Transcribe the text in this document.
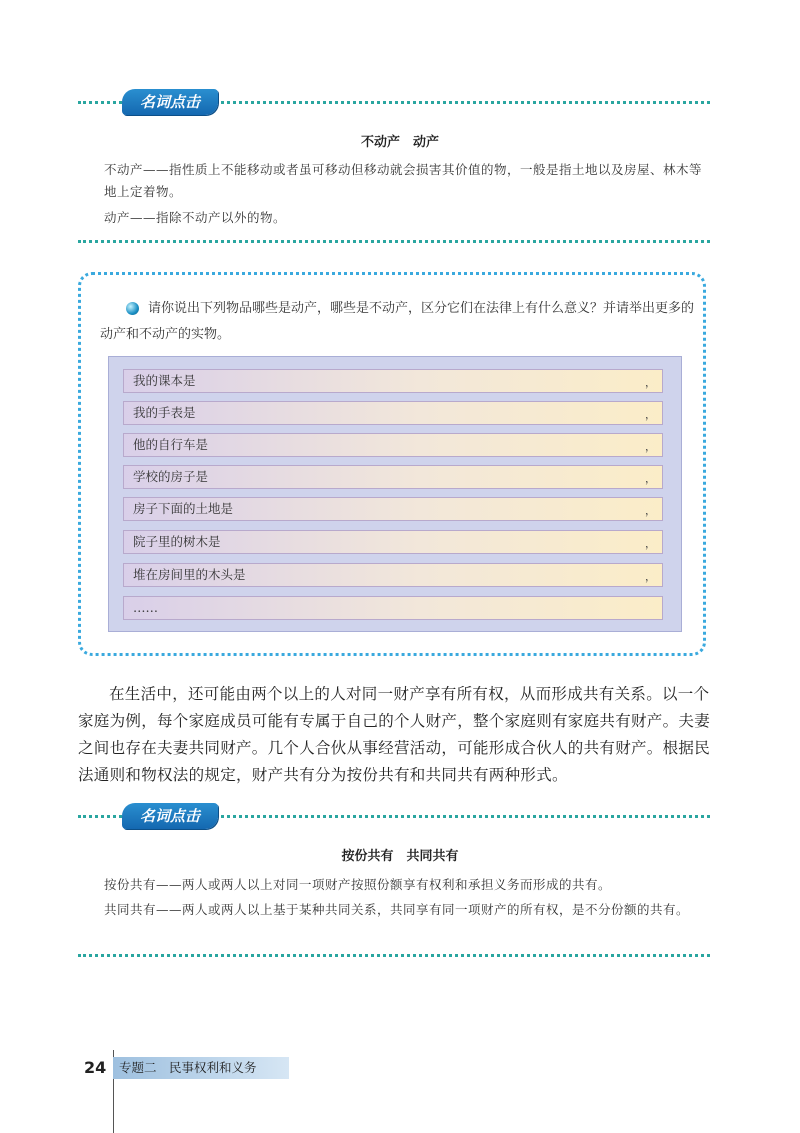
名词点击
不动产　动产
不动产——指性质上不能移动或者虽可移动但移动就会损害其价值的物，一般是指土地以及房屋、林木等地上定着物。
动产——指除不动产以外的物。
请你说出下列物品哪些是动产，哪些是不动产，区分它们在法律上有什么意义？并请举出更多的动产和不动产的实物。
我的课本是	，
我的手表是	，
他的自行车是	，
学校的房子是	，
房子下面的土地是	，
院子里的树木是	，
堆在房间里的木头是	，
……
在生活中，还可能由两个以上的人对同一财产享有所有权，从而形成共有关系。以一个家庭为例，每个家庭成员可能有专属于自己的个人财产，整个家庭则有家庭共有财产。夫妻之间也存在夫妻共同财产。几个人合伙从事经营活动，可能形成合伙人的共有财产。根据民法通则和物权法的规定，财产共有分为按份共有和共同共有两种形式。
名词点击
按份共有　共同共有
按份共有——两人或两人以上对同一项财产按照份额享有权利和承担义务而形成的共有。
共同共有——两人或两人以上基于某种共同关系，共同享有同一项财产的所有权，是不分份额的共有。
24	专题二　民事权利和义务
